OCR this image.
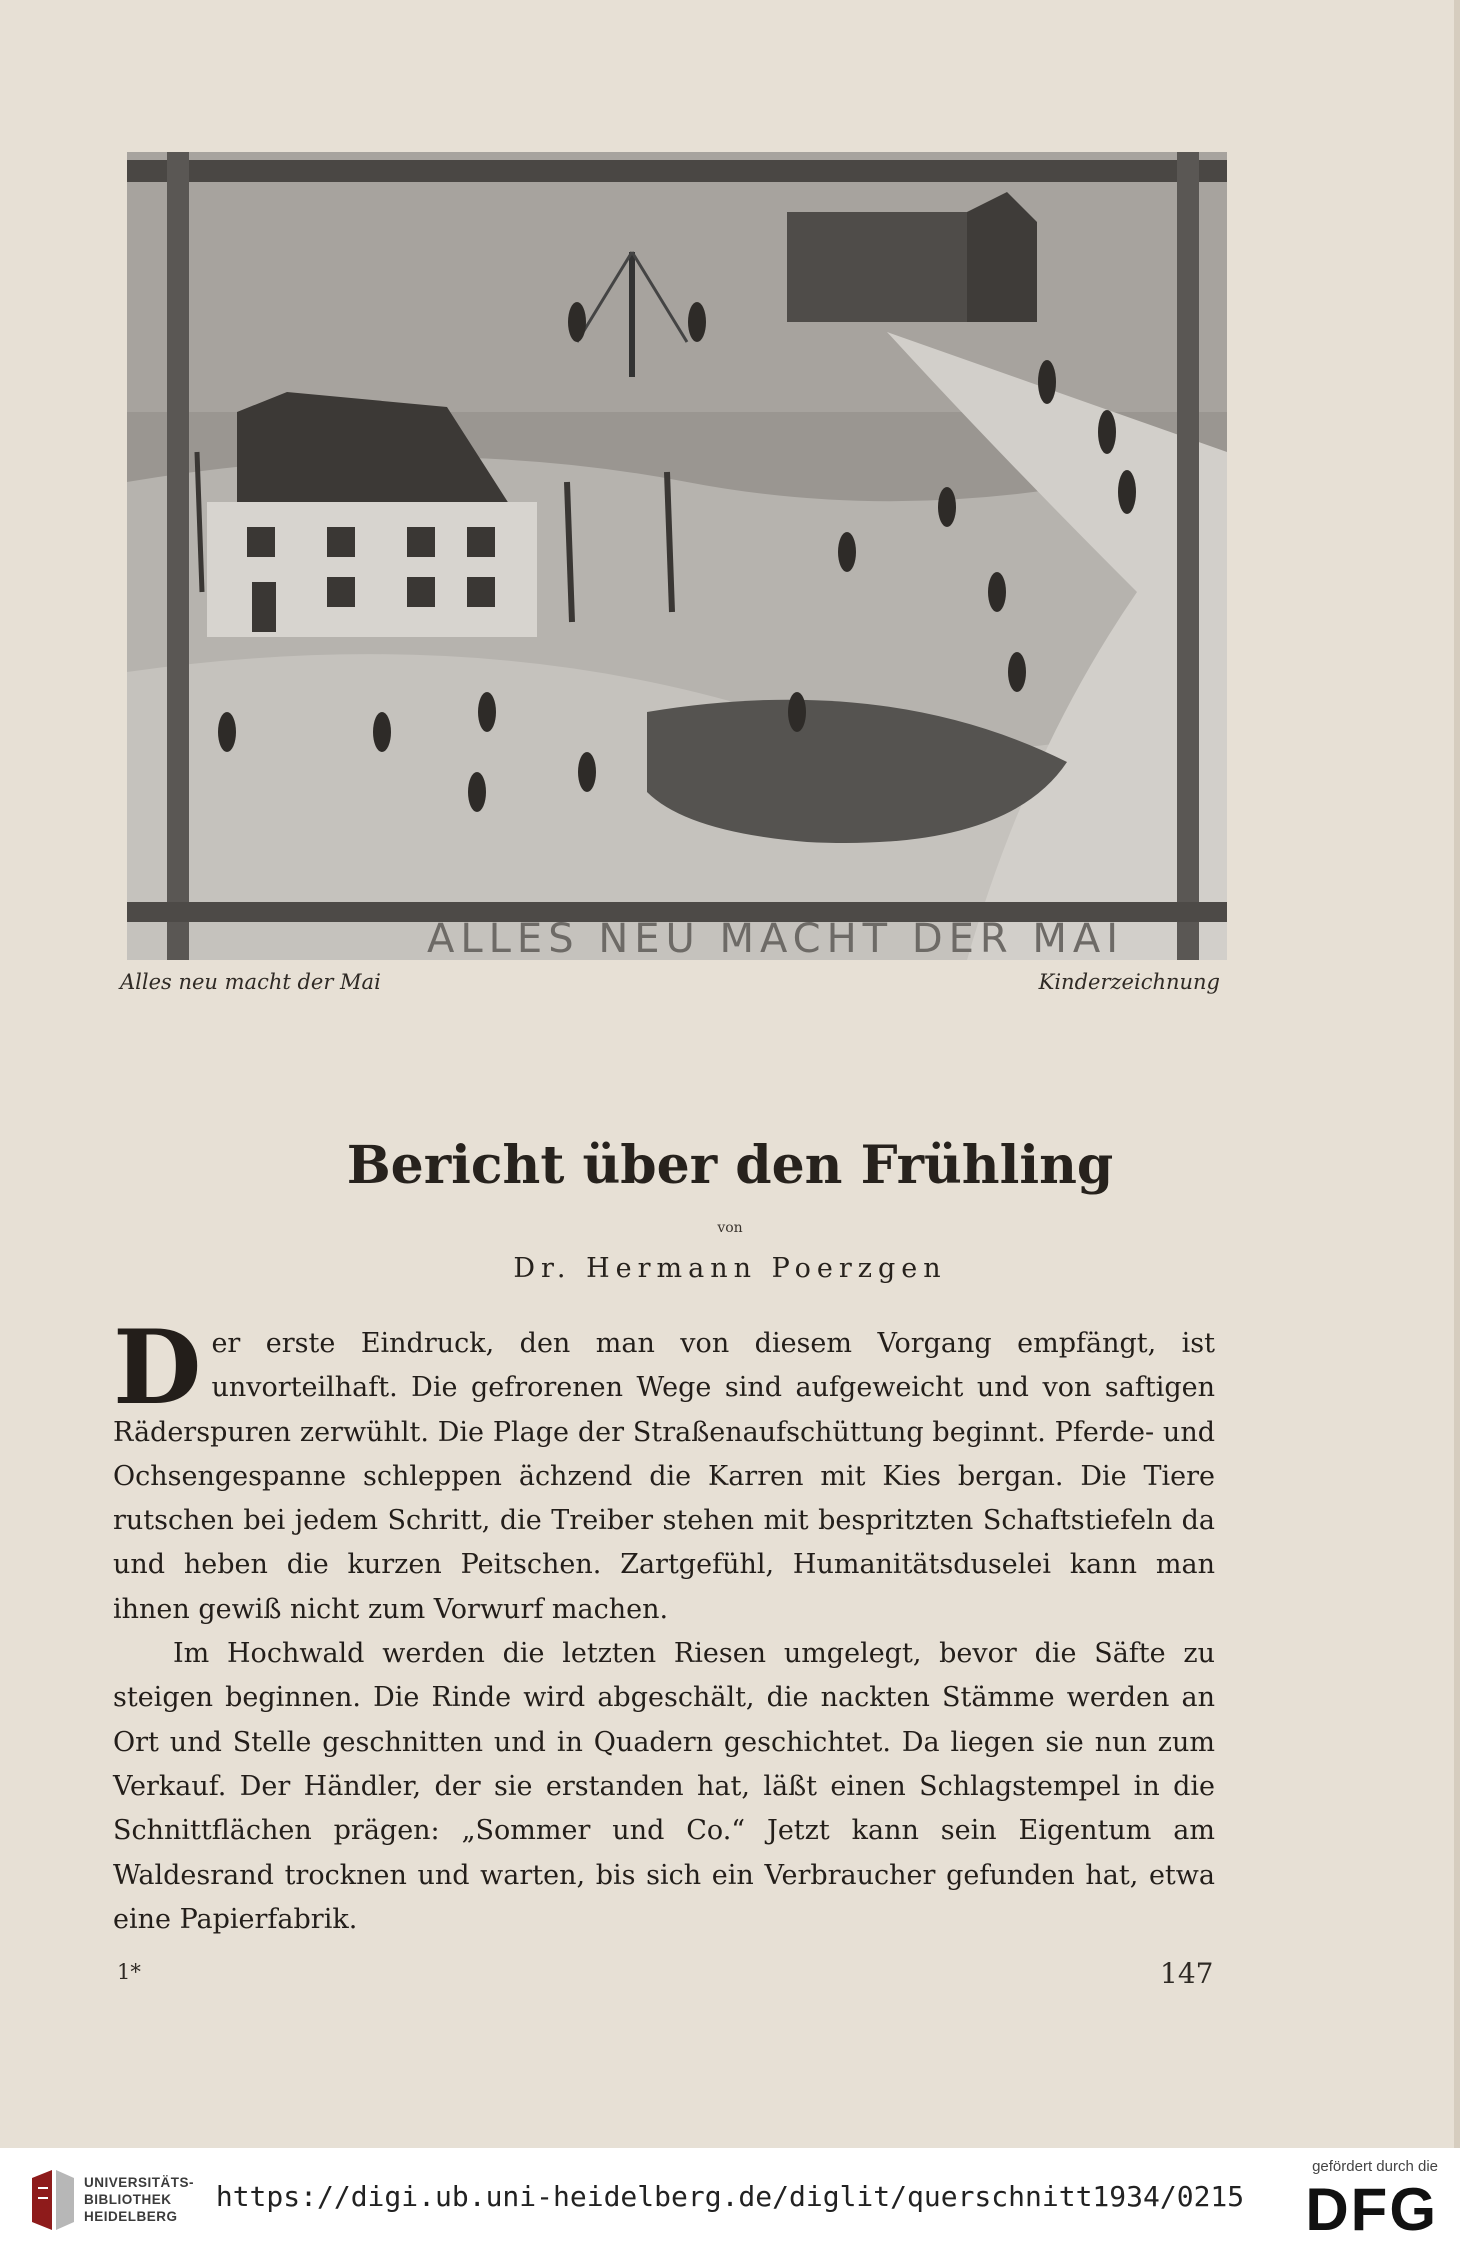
ALLES NEU MACHT DER MAI
Alles neu macht der Mai	Kinderzeichnung
Bericht über den Frühling
von
Dr. Hermann Poerzgen

Der erste Eindruck, den man von diesem Vorgang empfängt, ist unvorteilhaft. Die gefrorenen Wege sind aufgeweicht und von saftigen Räderspuren zerwühlt. Die Plage der Straßenaufschüttung beginnt. Pferde- und Ochsengespanne schleppen ächzend die Karren mit Kies bergan. Die Tiere rutschen bei jedem Schritt, die Treiber stehen mit bespritzten Schaftstiefeln da und heben die kurzen Peitschen. Zartgefühl, Humanitätsduselei kann man ihnen gewiß nicht zum Vorwurf machen.

Im Hochwald werden die letzten Riesen umgelegt, bevor die Säfte zu steigen beginnen. Die Rinde wird abgeschält, die nackten Stämme werden an Ort und Stelle geschnitten und in Quadern geschichtet. Da liegen sie nun zum Verkauf. Der Händler, der sie erstanden hat, läßt einen Schlagstempel in die Schnittflächen prägen: „Sommer und Co.“ Jetzt kann sein Eigentum am Waldesrand trocknen und warten, bis sich ein Verbraucher gefunden hat, etwa eine Papierfabrik.

1*	147
UNIVERSITÄTS-
BIBLIOTHEK
HEIDELBERG
https://digi.ub.uni-heidelberg.de/diglit/querschnitt1934/0215
gefördert durch die
DFG
